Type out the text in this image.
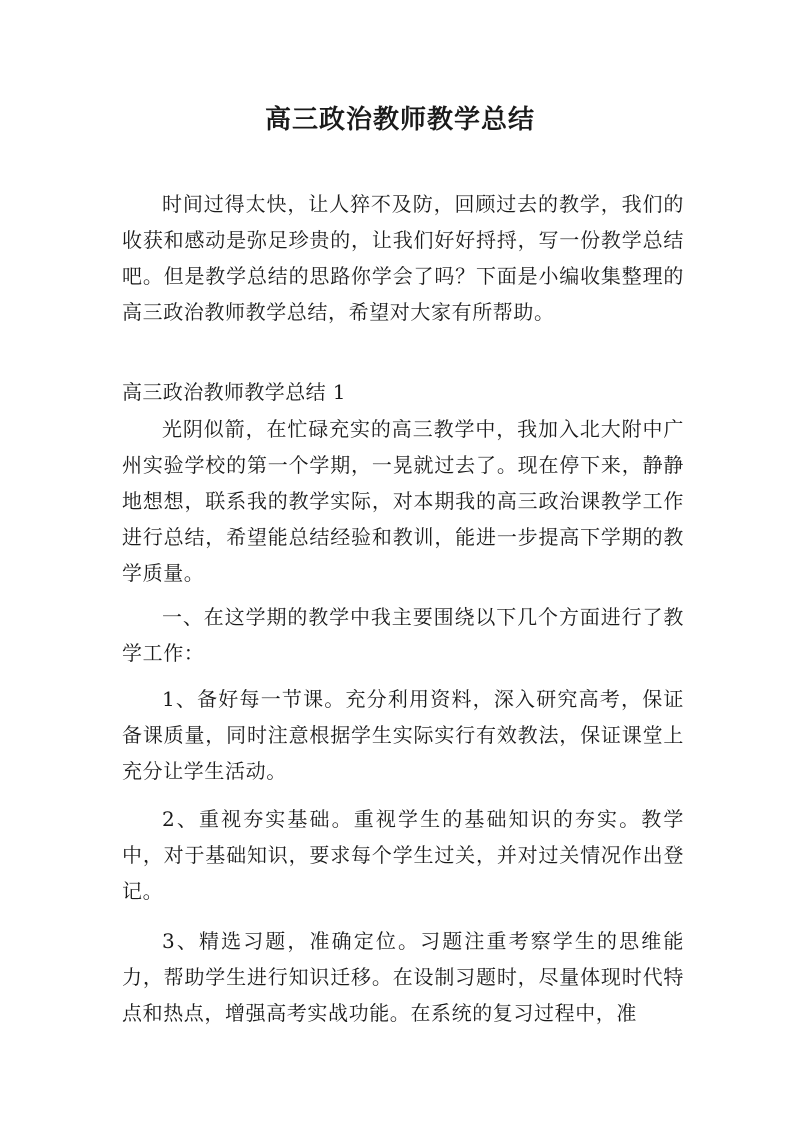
高三政治教师教学总结

时间过得太快，让人猝不及防，回顾过去的教学，我们的收获和感动是弥足珍贵的，让我们好好捋捋，写一份教学总结吧。但是教学总结的思路你学会了吗？下面是小编收集整理的高三政治教师教学总结，希望对大家有所帮助。

高三政治教师教学总结 1

光阴似箭，在忙碌充实的高三教学中，我加入北大附中广州实验学校的第一个学期，一晃就过去了。现在停下来，静静地想想，联系我的教学实际，对本期我的高三政治课教学工作进行总结，希望能总结经验和教训，能进一步提高下学期的教学质量。

一、在这学期的教学中我主要围绕以下几个方面进行了教学工作：

1、备好每一节课。充分利用资料，深入研究高考，保证备课质量，同时注意根据学生实际实行有效教法，保证课堂上充分让学生活动。

2、重视夯实基础。重视学生的基础知识的夯实。教学中，对于基础知识，要求每个学生过关，并对过关情况作出登记。

3、精选习题，准确定位。习题注重考察学生的思维能力，帮助学生进行知识迁移。在设制习题时，尽量体现时代特点和热点，增强高考实战功能。在系统的复习过程中，准
